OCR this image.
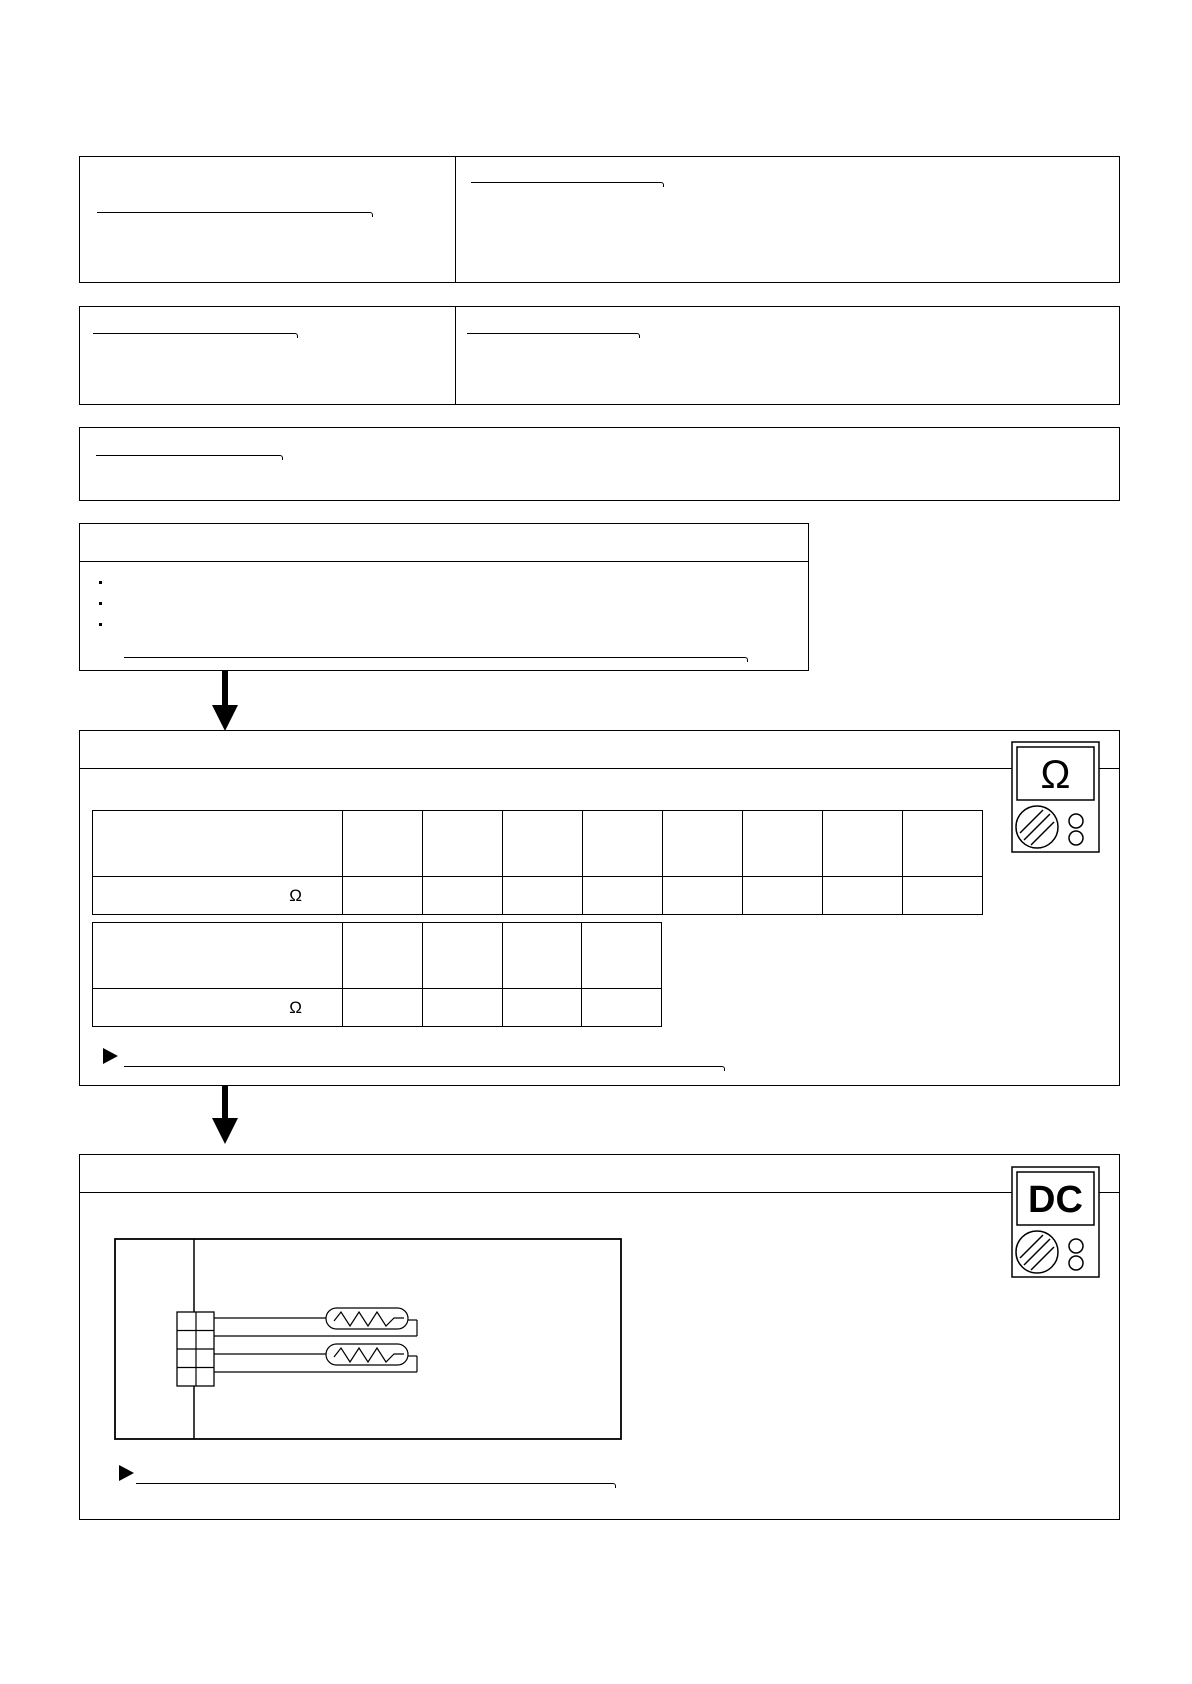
Ω

Ω								

Ω				
DC
